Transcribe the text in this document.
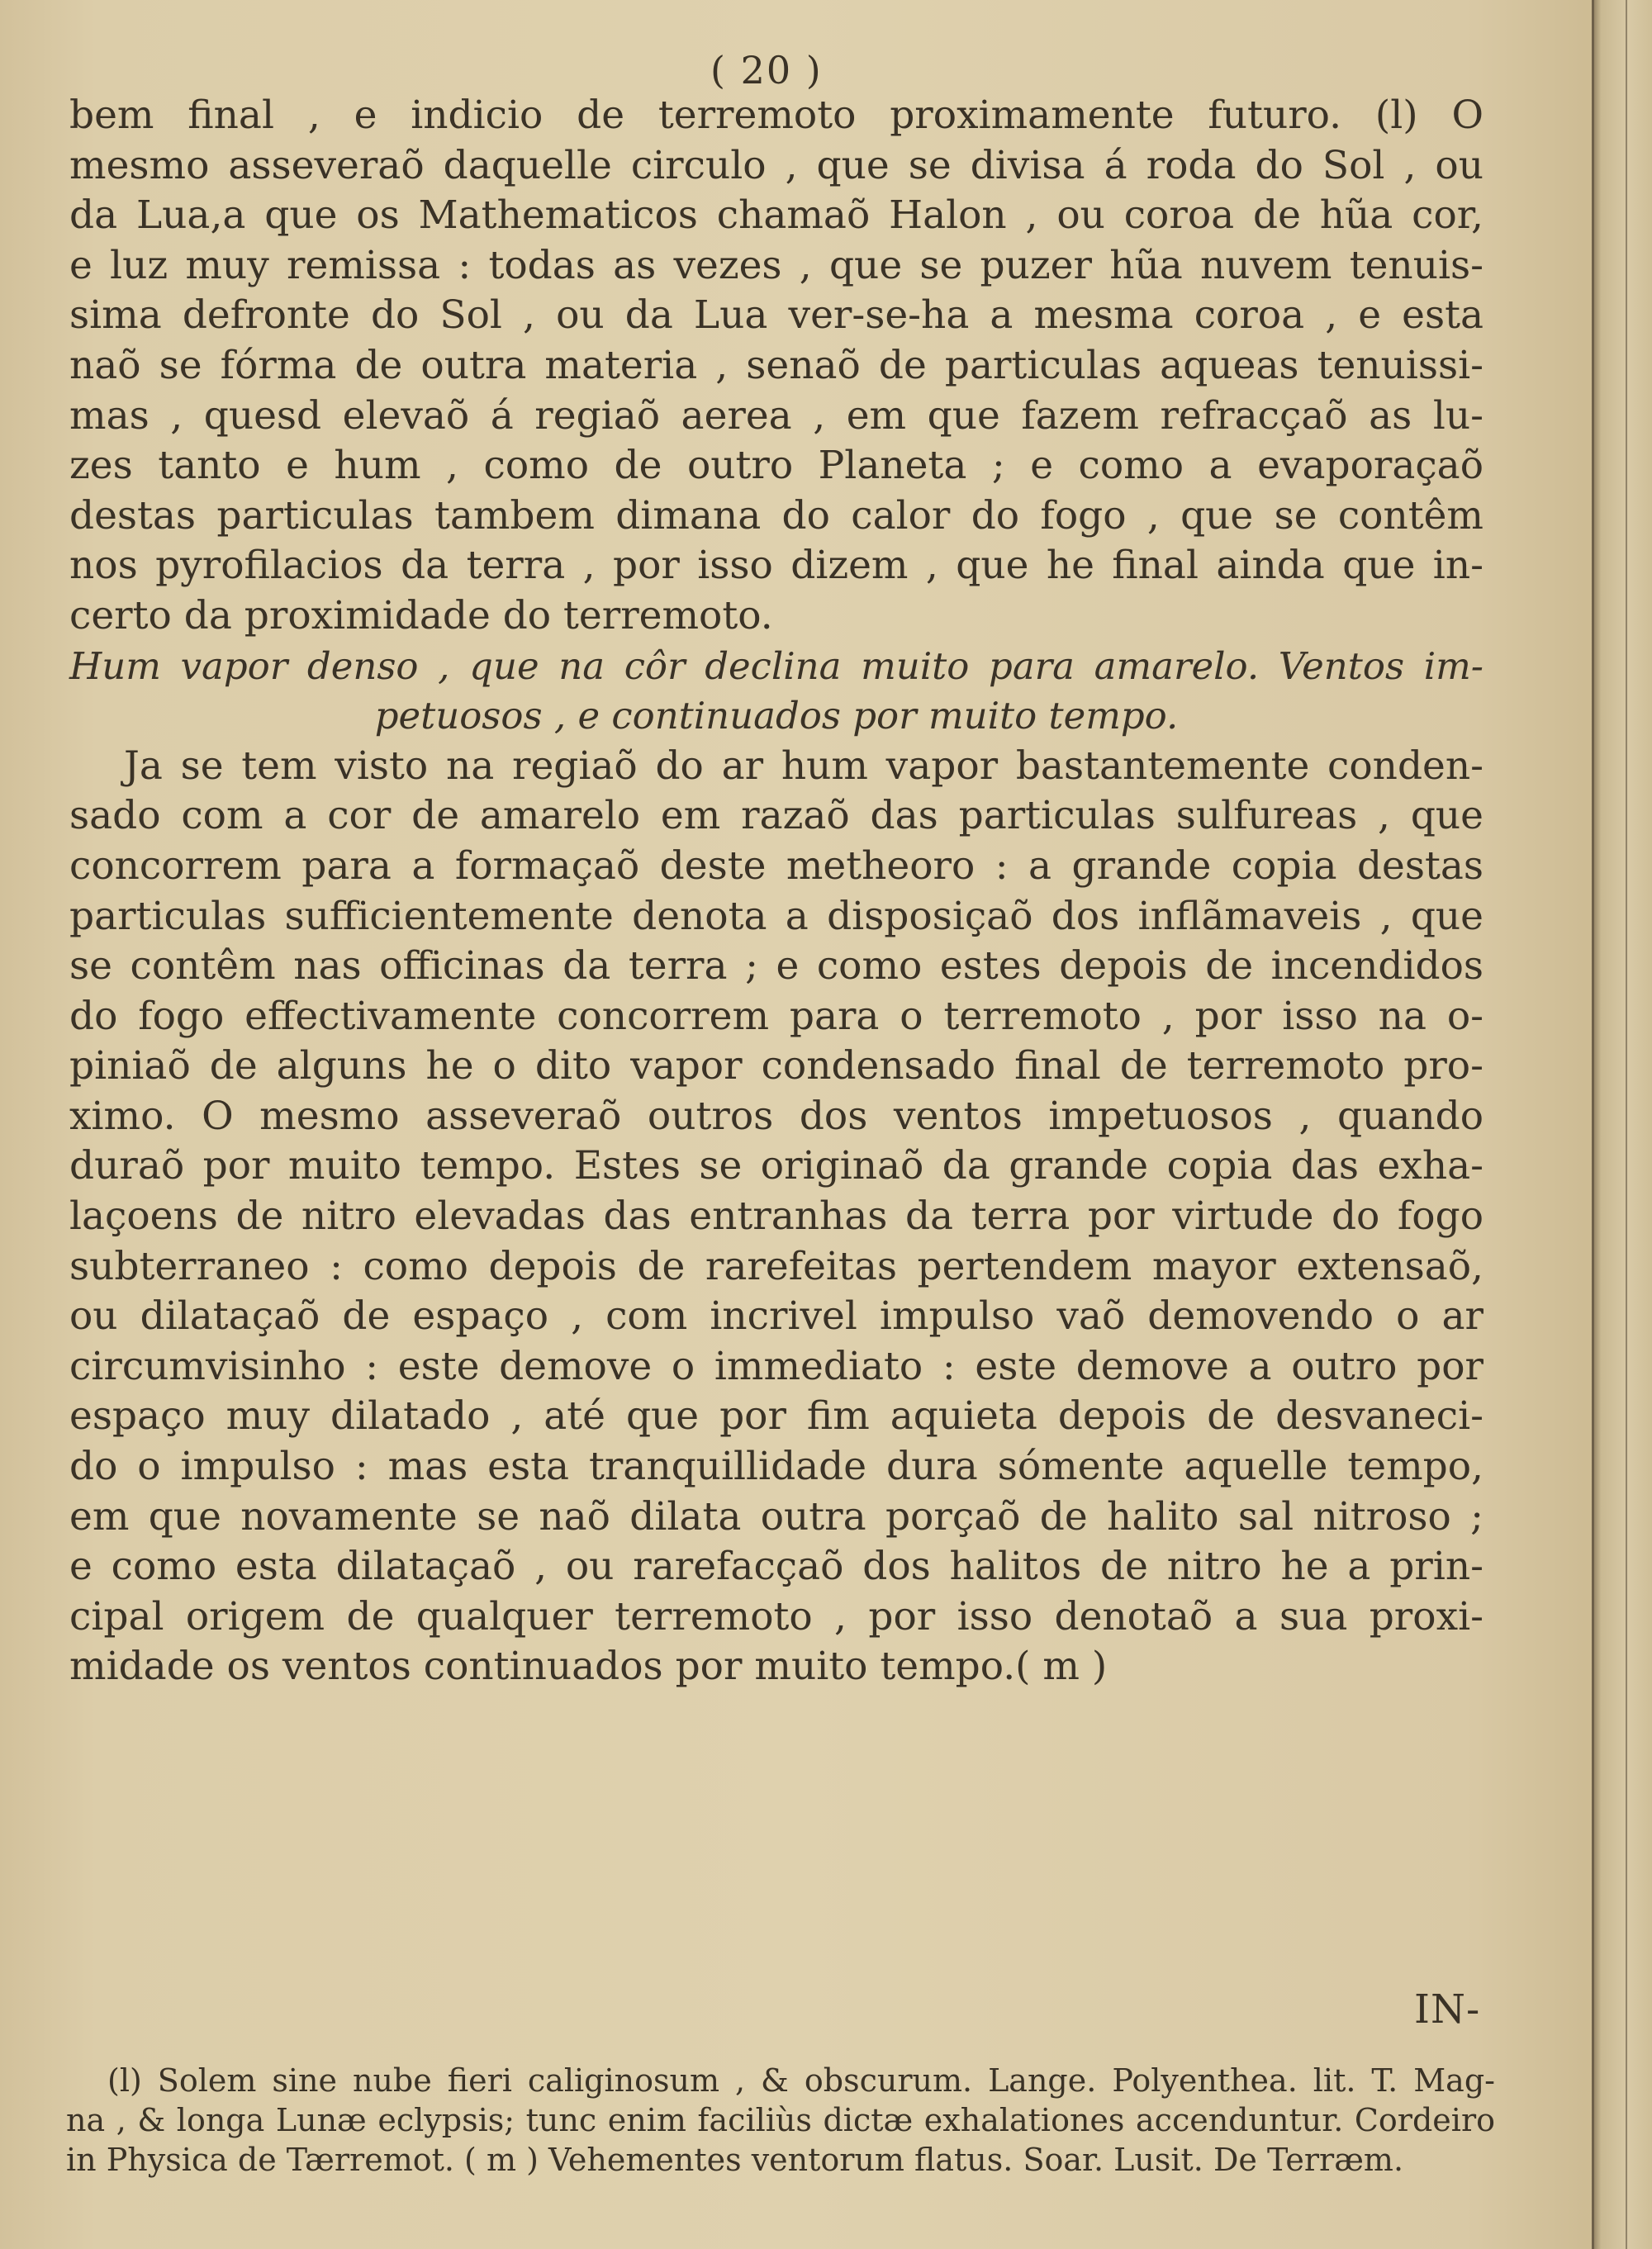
( 20 )
bem final , e indicio de terremoto proximamente futuro. (l) O
mesmo asseveraõ daquelle circulo , que se divisa á roda do Sol , ou
da Lua,a que os Mathematicos chamaõ Halon , ou coroa de hũa cor,
e luz muy remissa : todas as vezes , que se puzer hũa nuvem tenuis-
sima defronte do Sol , ou da Lua ver-se-ha a mesma coroa , e esta
naõ se fórma de outra materia , senaõ de particulas aqueas tenuissi-
mas , quesd elevaõ á regiaõ aerea , em que fazem refracçaõ as lu-
zes tanto e hum , como de outro Planeta ; e como a evaporaçaõ
destas particulas tambem dimana do calor do fogo , que se contêm
nos pyrofilacios da terra , por isso dizem , que he final ainda que in-
certo da proximidade do terremoto.
Hum vapor denso , que na côr declina muito para amarelo. Ventos im-
petuosos , e continuados por muito tempo.
Ja se tem visto na regiaõ do ar hum vapor bastantemente conden-
sado com a cor de amarelo em razaõ das particulas sulfureas , que
concorrem para a formaçaõ deste metheoro : a grande copia destas
particulas sufficientemente denota a disposiçaõ dos inflãmaveis , que
se contêm nas officinas da terra ; e como estes depois de incendidos
do fogo effectivamente concorrem para o terremoto , por isso na o-
piniaõ de alguns he o dito vapor condensado final de terremoto pro-
ximo. O mesmo asseveraõ outros dos ventos impetuosos , quando
duraõ por muito tempo. Estes se originaõ da grande copia das exha-
laçoens de nitro elevadas das entranhas da terra por virtude do fogo
subterraneo : como depois de rarefeitas pertendem mayor extensaõ,
ou dilataçaõ de espaço , com incrivel impulso vaõ demovendo o ar
circumvisinho : este demove o immediato : este demove a outro por
espaço muy dilatado , até que por fim aquieta depois de desvaneci-
do o impulso : mas esta tranquillidade dura sómente aquelle tempo,
em que novamente se naõ dilata outra porçaõ de halito sal nitroso ;
e como esta dilataçaõ , ou rarefacçaõ dos halitos de nitro he a prin-
cipal origem de qualquer terremoto , por isso denotaõ a sua proxi-
midade os ventos continuados por muito tempo.( m )
IN-
(l) Solem sine nube fieri caliginosum , & obscurum. Lange. Polyenthea. lit. T. Mag-
na , & longa Lunæ eclypsis; tunc enim faciliùs dictæ exhalationes accenduntur. Cordeiro
in Physica de Tærremot. ( m ) Vehementes ventorum flatus. Soar. Lusit. De Terræm.
